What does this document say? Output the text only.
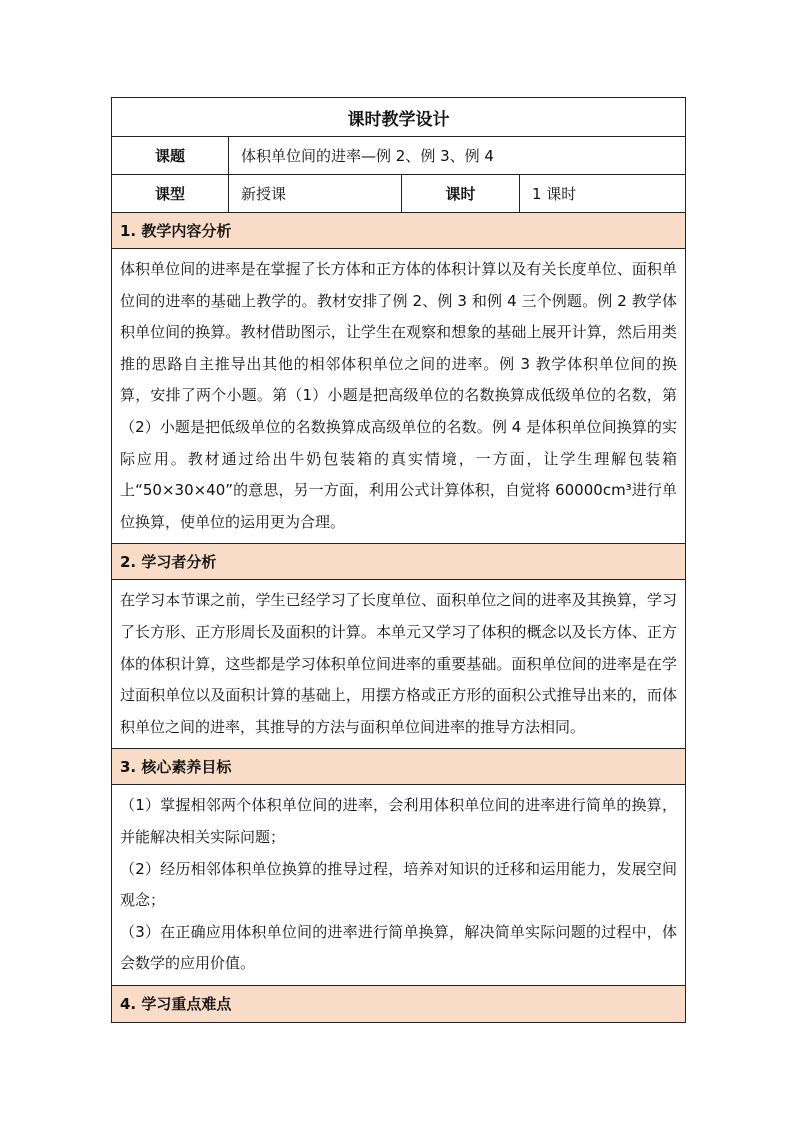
课时教学设计
课题	体积单位间的进率—例 2、例 3、例 4
课型	新授课	课时	1 课时
1. 教学内容分析

体积单位间的进率是在掌握了长方体和正方体的体积计算以及有关长度单位、面积单位间的进率的基础上教学的。教材安排了例 2、例 3 和例 4 三个例题。例 2 教学体积单位间的换算。教材借助图示，让学生在观察和想象的基础上展开计算，然后用类推的思路自主推导出其他的相邻体积单位之间的进率。例 3 教学体积单位间的换算，安排了两个小题。第（1）小题是把高级单位的名数换算成低级单位的名数，第（2）小题是把低级单位的名数换算成高级单位的名数。例 4 是体积单位间换算的实际应用。教材通过给出牛奶包装箱的真实情境，一方面，让学生理解包装箱上“50×30×40”的意思，另一方面，利用公式计算体积，自觉将 60000cm³进行单位换算，使单位的运用更为合理。

2. 学习者分析

在学习本节课之前，学生已经学习了长度单位、面积单位之间的进率及其换算，学习了长方形、正方形周长及面积的计算。本单元又学习了体积的概念以及长方体、正方体的体积计算，这些都是学习体积单位间进率的重要基础。面积单位间的进率是在学过面积单位以及面积计算的基础上，用摆方格或正方形的面积公式推导出来的，而体积单位之间的进率，其推导的方法与面积单位间进率的推导方法相同。

3. 核心素养目标

（1）掌握相邻两个体积单位间的进率，会利用体积单位间的进率进行简单的换算，并能解决相关实际问题；

（2）经历相邻体积单位换算的推导过程，培养对知识的迁移和运用能力，发展空间观念；

（3）在正确应用体积单位间的进率进行简单换算，解决简单实际问题的过程中，体会数学的应用价值。

4. 学习重点难点
